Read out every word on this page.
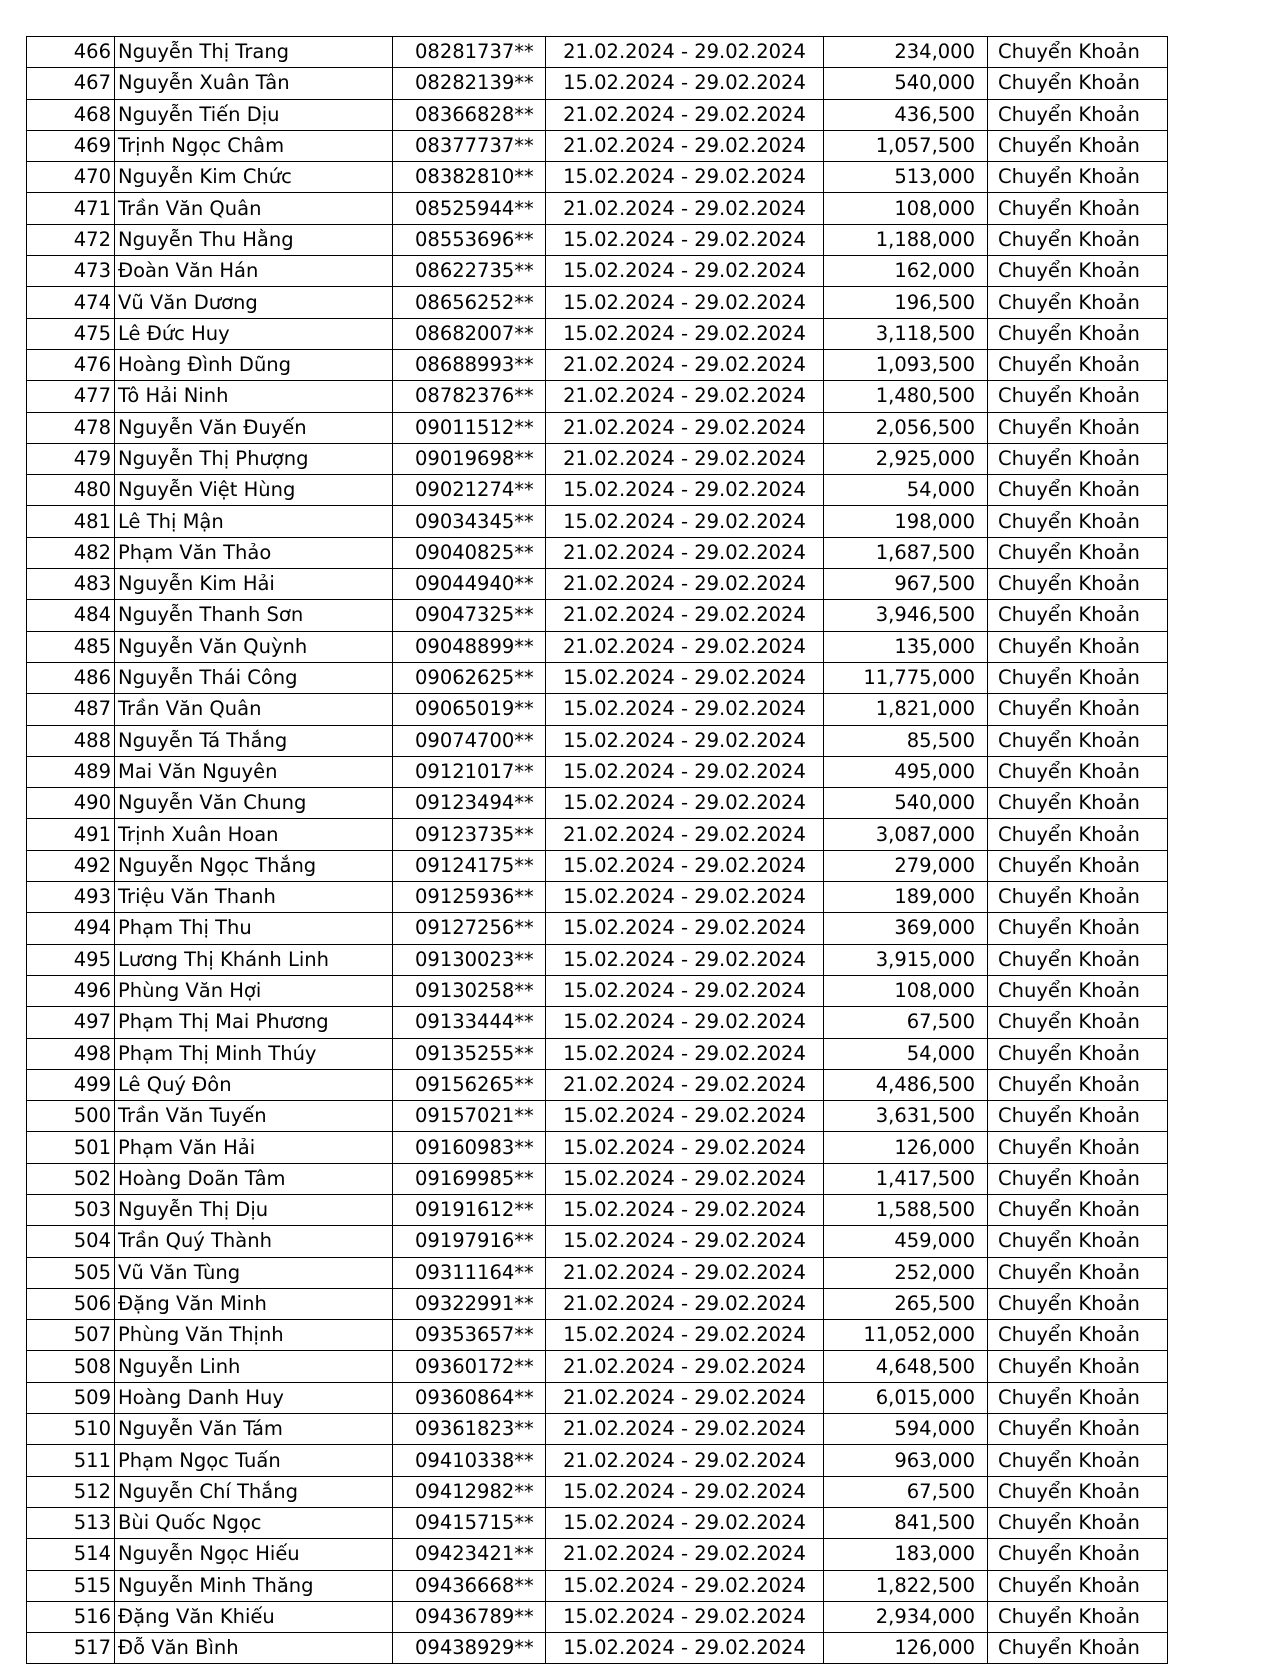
466	Nguyễn Thị Trang	08281737**	21.02.2024 - 29.02.2024	234,000	Chuyển Khoản
467	Nguyễn Xuân Tân	08282139**	15.02.2024 - 29.02.2024	540,000	Chuyển Khoản
468	Nguyễn Tiến Dịu	08366828**	21.02.2024 - 29.02.2024	436,500	Chuyển Khoản
469	Trịnh Ngọc Châm	08377737**	21.02.2024 - 29.02.2024	1,057,500	Chuyển Khoản
470	Nguyễn Kim Chức	08382810**	15.02.2024 - 29.02.2024	513,000	Chuyển Khoản
471	Trần Văn Quân	08525944**	21.02.2024 - 29.02.2024	108,000	Chuyển Khoản
472	Nguyễn Thu Hằng	08553696**	15.02.2024 - 29.02.2024	1,188,000	Chuyển Khoản
473	Đoàn Văn Hán	08622735**	15.02.2024 - 29.02.2024	162,000	Chuyển Khoản
474	Vũ Văn Dương	08656252**	15.02.2024 - 29.02.2024	196,500	Chuyển Khoản
475	Lê Đức Huy	08682007**	15.02.2024 - 29.02.2024	3,118,500	Chuyển Khoản
476	Hoàng Đình Dũng	08688993**	21.02.2024 - 29.02.2024	1,093,500	Chuyển Khoản
477	Tô Hải Ninh	08782376**	21.02.2024 - 29.02.2024	1,480,500	Chuyển Khoản
478	Nguyễn Văn Đuyến	09011512**	21.02.2024 - 29.02.2024	2,056,500	Chuyển Khoản
479	Nguyễn Thị Phượng	09019698**	21.02.2024 - 29.02.2024	2,925,000	Chuyển Khoản
480	Nguyễn Việt Hùng	09021274**	15.02.2024 - 29.02.2024	54,000	Chuyển Khoản
481	Lê Thị Mận	09034345**	15.02.2024 - 29.02.2024	198,000	Chuyển Khoản
482	Phạm Văn Thảo	09040825**	21.02.2024 - 29.02.2024	1,687,500	Chuyển Khoản
483	Nguyễn Kim Hải	09044940**	21.02.2024 - 29.02.2024	967,500	Chuyển Khoản
484	Nguyễn Thanh Sơn	09047325**	21.02.2024 - 29.02.2024	3,946,500	Chuyển Khoản
485	Nguyễn Văn Quỳnh	09048899**	21.02.2024 - 29.02.2024	135,000	Chuyển Khoản
486	Nguyễn Thái Công	09062625**	15.02.2024 - 29.02.2024	11,775,000	Chuyển Khoản
487	Trần Văn Quân	09065019**	15.02.2024 - 29.02.2024	1,821,000	Chuyển Khoản
488	Nguyễn Tá Thắng	09074700**	15.02.2024 - 29.02.2024	85,500	Chuyển Khoản
489	Mai Văn Nguyên	09121017**	15.02.2024 - 29.02.2024	495,000	Chuyển Khoản
490	Nguyễn Văn Chung	09123494**	15.02.2024 - 29.02.2024	540,000	Chuyển Khoản
491	Trịnh Xuân Hoan	09123735**	21.02.2024 - 29.02.2024	3,087,000	Chuyển Khoản
492	Nguyễn Ngọc Thắng	09124175**	15.02.2024 - 29.02.2024	279,000	Chuyển Khoản
493	Triệu Văn Thanh	09125936**	15.02.2024 - 29.02.2024	189,000	Chuyển Khoản
494	Phạm Thị Thu	09127256**	15.02.2024 - 29.02.2024	369,000	Chuyển Khoản
495	Lương Thị Khánh Linh	09130023**	15.02.2024 - 29.02.2024	3,915,000	Chuyển Khoản
496	Phùng Văn Hợi	09130258**	15.02.2024 - 29.02.2024	108,000	Chuyển Khoản
497	Phạm Thị Mai Phương	09133444**	15.02.2024 - 29.02.2024	67,500	Chuyển Khoản
498	Phạm Thị Minh Thúy	09135255**	15.02.2024 - 29.02.2024	54,000	Chuyển Khoản
499	Lê Quý Đôn	09156265**	21.02.2024 - 29.02.2024	4,486,500	Chuyển Khoản
500	Trần Văn Tuyến	09157021**	15.02.2024 - 29.02.2024	3,631,500	Chuyển Khoản
501	Phạm Văn Hải	09160983**	15.02.2024 - 29.02.2024	126,000	Chuyển Khoản
502	Hoàng Doãn Tâm	09169985**	15.02.2024 - 29.02.2024	1,417,500	Chuyển Khoản
503	Nguyễn Thị Dịu	09191612**	15.02.2024 - 29.02.2024	1,588,500	Chuyển Khoản
504	Trần Quý Thành	09197916**	15.02.2024 - 29.02.2024	459,000	Chuyển Khoản
505	Vũ Văn Tùng	09311164**	21.02.2024 - 29.02.2024	252,000	Chuyển Khoản
506	Đặng Văn Minh	09322991**	21.02.2024 - 29.02.2024	265,500	Chuyển Khoản
507	Phùng Văn Thịnh	09353657**	15.02.2024 - 29.02.2024	11,052,000	Chuyển Khoản
508	Nguyễn Linh	09360172**	21.02.2024 - 29.02.2024	4,648,500	Chuyển Khoản
509	Hoàng Danh Huy	09360864**	21.02.2024 - 29.02.2024	6,015,000	Chuyển Khoản
510	Nguyễn Văn Tám	09361823**	21.02.2024 - 29.02.2024	594,000	Chuyển Khoản
511	Phạm Ngọc Tuấn	09410338**	21.02.2024 - 29.02.2024	963,000	Chuyển Khoản
512	Nguyễn Chí Thắng	09412982**	15.02.2024 - 29.02.2024	67,500	Chuyển Khoản
513	Bùi Quốc Ngọc	09415715**	15.02.2024 - 29.02.2024	841,500	Chuyển Khoản
514	Nguyễn Ngọc Hiếu	09423421**	21.02.2024 - 29.02.2024	183,000	Chuyển Khoản
515	Nguyễn Minh Thăng	09436668**	15.02.2024 - 29.02.2024	1,822,500	Chuyển Khoản
516	Đặng Văn Khiếu	09436789**	15.02.2024 - 29.02.2024	2,934,000	Chuyển Khoản
517	Đỗ Văn Bình	09438929**	15.02.2024 - 29.02.2024	126,000	Chuyển Khoản
